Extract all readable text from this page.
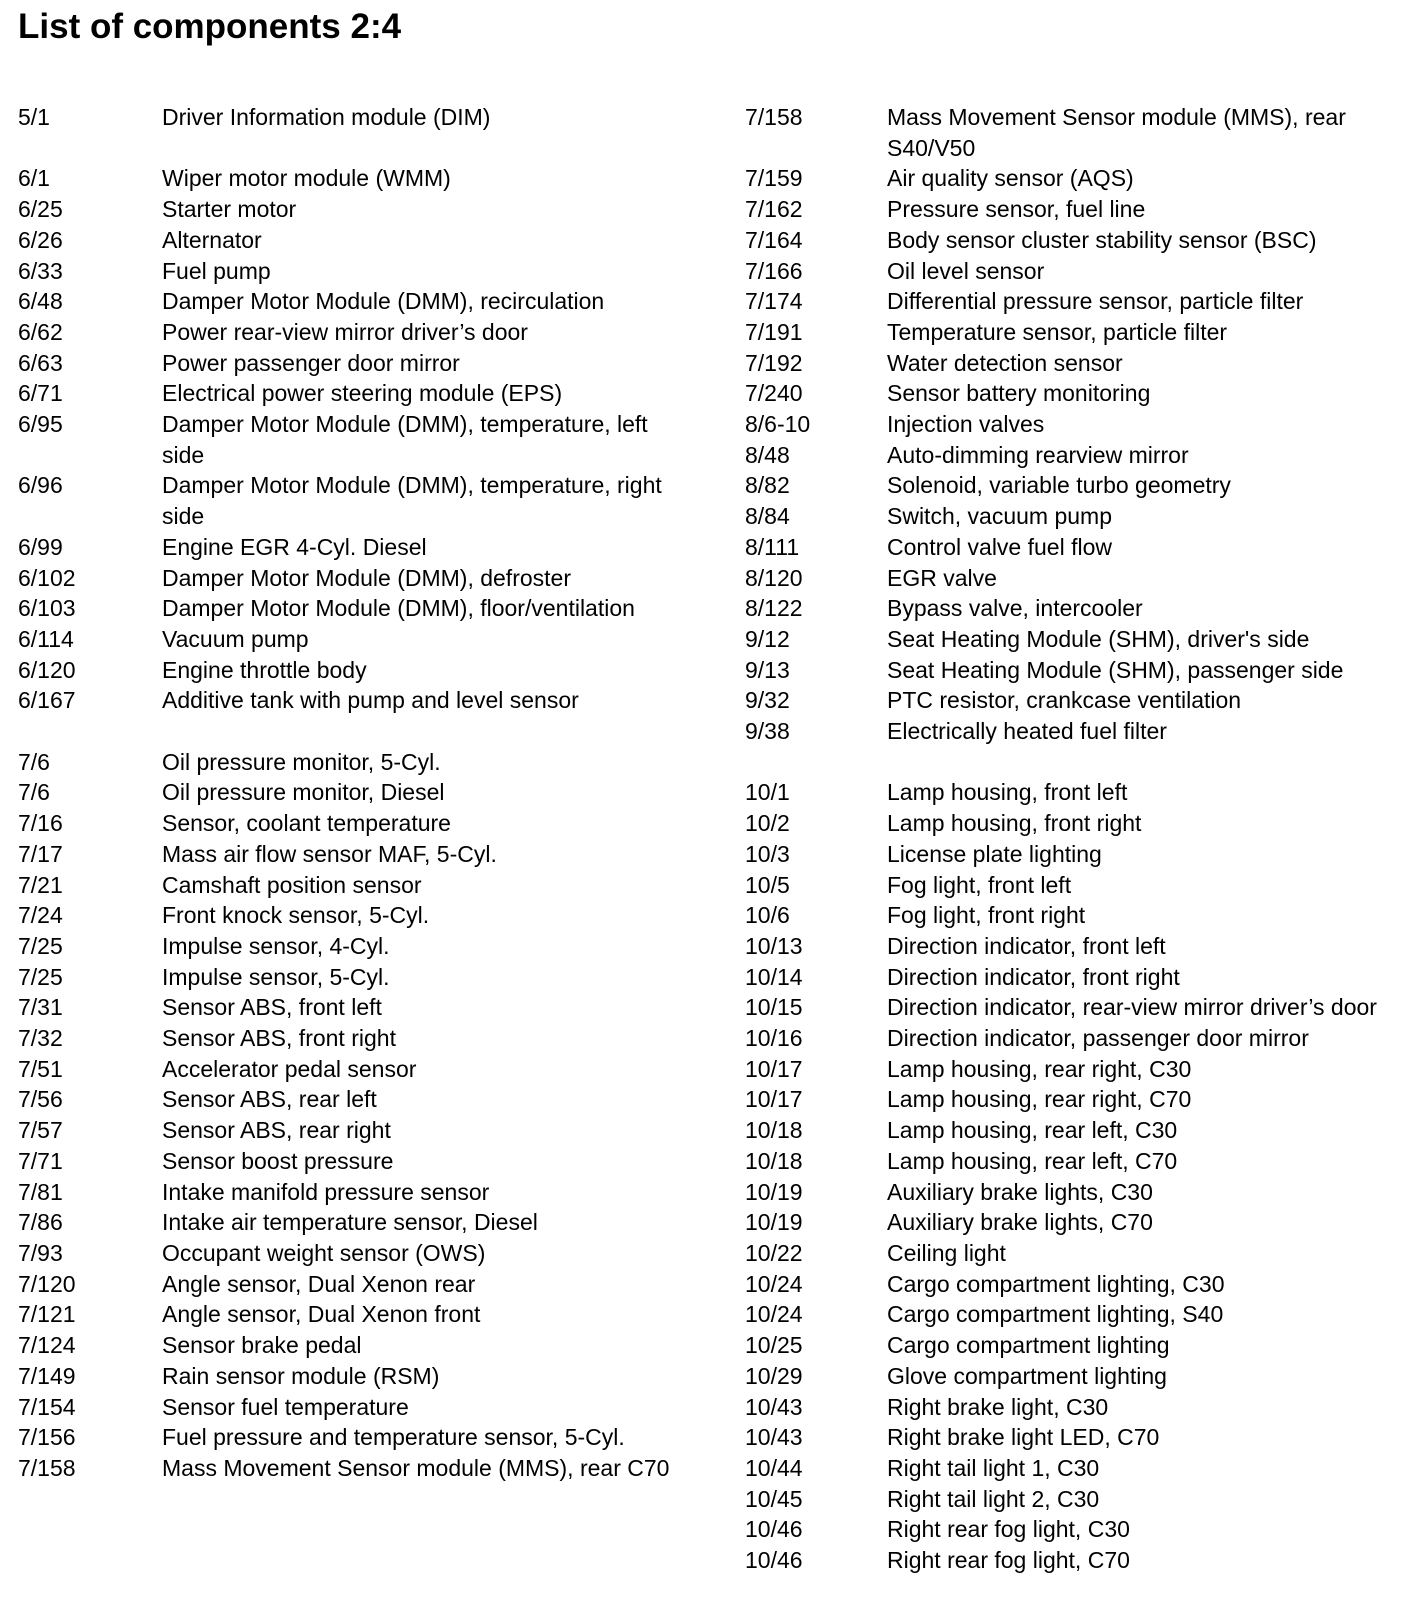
List of components 2:4
5/1	Driver Information module (DIM)
6/1	Wiper motor module (WMM)
6/25	Starter motor
6/26	Alternator
6/33	Fuel pump
6/48	Damper Motor Module (DMM), recirculation
6/62	Power rear-view mirror driver’s door
6/63	Power passenger door mirror
6/71	Electrical power steering module (EPS)
6/95	Damper Motor Module (DMM), temperature, left side
6/96	Damper Motor Module (DMM), temperature, right side
6/99	Engine EGR 4-Cyl. Diesel
6/102	Damper Motor Module (DMM), defroster
6/103	Damper Motor Module (DMM), floor/ventilation
6/114	Vacuum pump
6/120	Engine throttle body
6/167	Additive tank with pump and level sensor
7/6	Oil pressure monitor, 5-Cyl.
7/6	Oil pressure monitor, Diesel
7/16	Sensor, coolant temperature
7/17	Mass air flow sensor MAF, 5-Cyl.
7/21	Camshaft position sensor
7/24	Front knock sensor, 5-Cyl.
7/25	Impulse sensor, 4-Cyl.
7/25	Impulse sensor, 5-Cyl.
7/31	Sensor ABS, front left
7/32	Sensor ABS, front right
7/51	Accelerator pedal sensor
7/56	Sensor ABS, rear left
7/57	Sensor ABS, rear right
7/71	Sensor boost pressure
7/81	Intake manifold pressure sensor
7/86	Intake air temperature sensor, Diesel
7/93	Occupant weight sensor (OWS)
7/120	Angle sensor, Dual Xenon rear
7/121	Angle sensor, Dual Xenon front
7/124	Sensor brake pedal
7/149	Rain sensor module (RSM)
7/154	Sensor fuel temperature
7/156	Fuel pressure and temperature sensor, 5-Cyl.
7/158	Mass Movement Sensor module (MMS), rear C70
7/158	Mass Movement Sensor module (MMS), rear S40/V50
7/159	Air quality sensor (AQS)
7/162	Pressure sensor, fuel line
7/164	Body sensor cluster stability sensor (BSC)
7/166	Oil level sensor
7/174	Differential pressure sensor, particle filter
7/191	Temperature sensor, particle filter
7/192	Water detection sensor
7/240	Sensor battery monitoring
8/6-10	Injection valves
8/48	Auto-dimming rearview mirror
8/82	Solenoid, variable turbo geometry
8/84	Switch, vacuum pump
8/111	Control valve fuel flow
8/120	EGR valve
8/122	Bypass valve, intercooler
9/12	Seat Heating Module (SHM), driver's side
9/13	Seat Heating Module (SHM), passenger side
9/32	PTC resistor, crankcase ventilation
9/38	Electrically heated fuel filter
10/1	Lamp housing, front left
10/2	Lamp housing, front right
10/3	License plate lighting
10/5	Fog light, front left
10/6	Fog light, front right
10/13	Direction indicator, front left
10/14	Direction indicator, front right
10/15	Direction indicator, rear-view mirror driver’s door
10/16	Direction indicator, passenger door mirror
10/17	Lamp housing, rear right, C30
10/17	Lamp housing, rear right, C70
10/18	Lamp housing, rear left, C30
10/18	Lamp housing, rear left, C70
10/19	Auxiliary brake lights, C30
10/19	Auxiliary brake lights, C70
10/22	Ceiling light
10/24	Cargo compartment lighting, C30
10/24	Cargo compartment lighting, S40
10/25	Cargo compartment lighting
10/29	Glove compartment lighting
10/43	Right brake light, C30
10/43	Right brake light LED, C70
10/44	Right tail light 1, C30
10/45	Right tail light 2, C30
10/46	Right rear fog light, C30
10/46	Right rear fog light, C70
